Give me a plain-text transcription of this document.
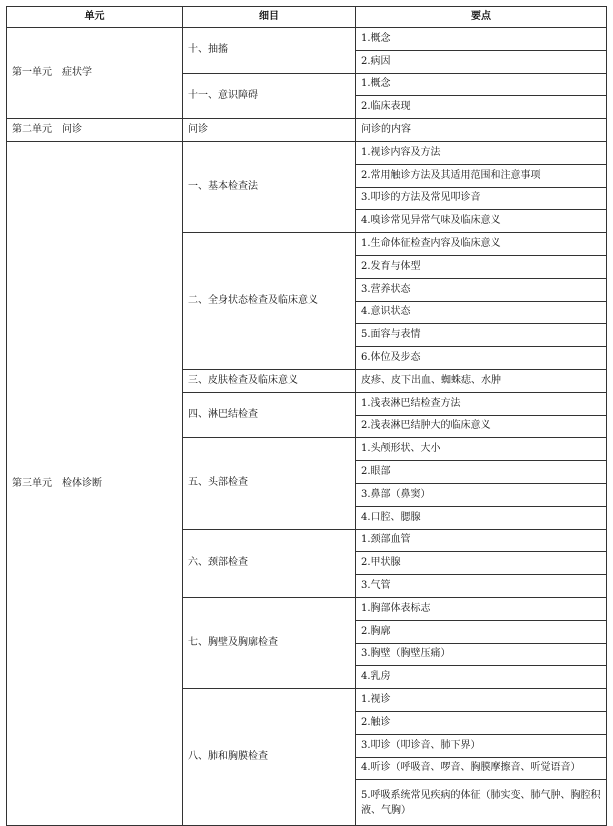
单元	细目	要点
第一单元　症状学	十、抽搐	1.概念
		2.病因
	十一、意识障碍	1.概念
		2.临床表现
第二单元　问诊	问诊	问诊的内容
第三单元　检体诊断	一、基本检查法	1.视诊内容及方法
		2.常用触诊方法及其适用范围和注意事项
		3.叩诊的方法及常见叩诊音
		4.嗅诊常见异常气味及临床意义
	二、全身状态检查及临床意义	1.生命体征检查内容及临床意义
		2.发育与体型
		3.营养状态
		4.意识状态
		5.面容与表情
		6.体位及步态
	三、皮肤检查及临床意义	皮疹、皮下出血、蜘蛛痣、水肿
	四、淋巴结检查	1.浅表淋巴结检查方法
		2.浅表淋巴结肿大的临床意义
	五、头部检查	1.头颅形状、大小
		2.眼部
		3.鼻部（鼻窦）
		4.口腔、腮腺
	六、颈部检查	1.颈部血管
		2.甲状腺
		3.气管
	七、胸壁及胸廓检查	1.胸部体表标志
		2.胸廓
		3.胸壁（胸壁压痛）
		4.乳房
	八、肺和胸膜检查	1.视诊
		2.触诊
		3.叩诊（叩诊音、肺下界）
		4.听诊（呼吸音、啰音、胸膜摩擦音、听觉语音）
		5.呼吸系统常见疾病的体征（肺实变、肺气肿、胸腔积液、气胸）
